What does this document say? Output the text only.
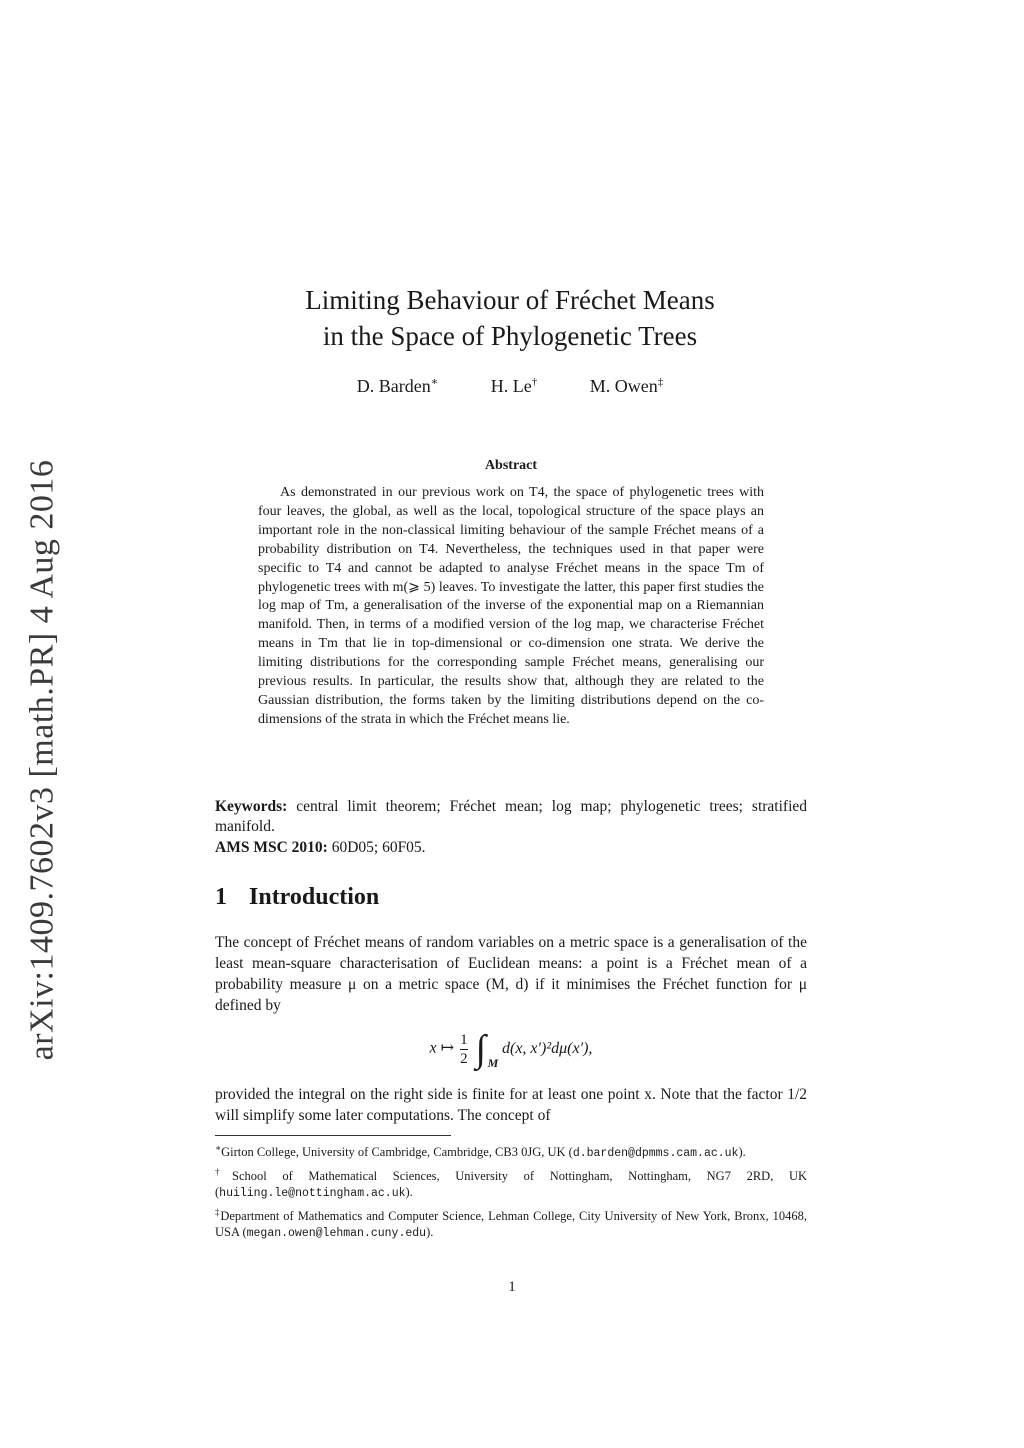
arXiv:1409.7602v3 [math.PR] 4 Aug 2016
Limiting Behaviour of Fréchet Means
in the Space of Phylogenetic Trees
D. Barden∗	H. Le†	M. Owen‡
Abstract
As demonstrated in our previous work on T4, the space of phylogenetic trees with four leaves, the global, as well as the local, topological structure of the space plays an important role in the non-classical limiting behaviour of the sample Fréchet means of a probability distribution on T4. Nevertheless, the techniques used in that paper were specific to T4 and cannot be adapted to analyse Fréchet means in the space Tm of phylogenetic trees with m(⩾ 5) leaves. To investigate the latter, this paper first studies the log map of Tm, a generalisation of the inverse of the exponential map on a Riemannian manifold. Then, in terms of a modified version of the log map, we characterise Fréchet means in Tm that lie in top-dimensional or co-dimension one strata. We derive the limiting distributions for the corresponding sample Fréchet means, generalising our previous results. In particular, the results show that, although they are related to the Gaussian distribution, the forms taken by the limiting distributions depend on the co-dimensions of the strata in which the Fréchet means lie.
Keywords: central limit theorem; Fréchet mean; log map; phylogenetic trees; stratified manifold.
AMS MSC 2010: 60D05; 60F05.
1 Introduction
The concept of Fréchet means of random variables on a metric space is a generalisation of the least mean-square characterisation of Euclidean means: a point is a Fréchet mean of a probability measure μ on a metric space (M, d) if it minimises the Fréchet function for μ defined by
x ↦ $\frac{1}{2}$ ∫ M
d(x, x′)²dμ(x′),
provided the integral on the right side is finite for at least one point x. Note that the factor 1/2 will simplify some later computations. The concept of
∗Girton College, University of Cambridge, Cambridge, CB3 0JG, UK (d.barden@dpmms.cam.ac.uk).
†School of Mathematical Sciences, University of Nottingham, Nottingham, NG7 2RD, UK (huiling.le@nottingham.ac.uk).
‡Department of Mathematics and Computer Science, Lehman College, City University of New York, Bronx, 10468, USA (megan.owen@lehman.cuny.edu).
1
